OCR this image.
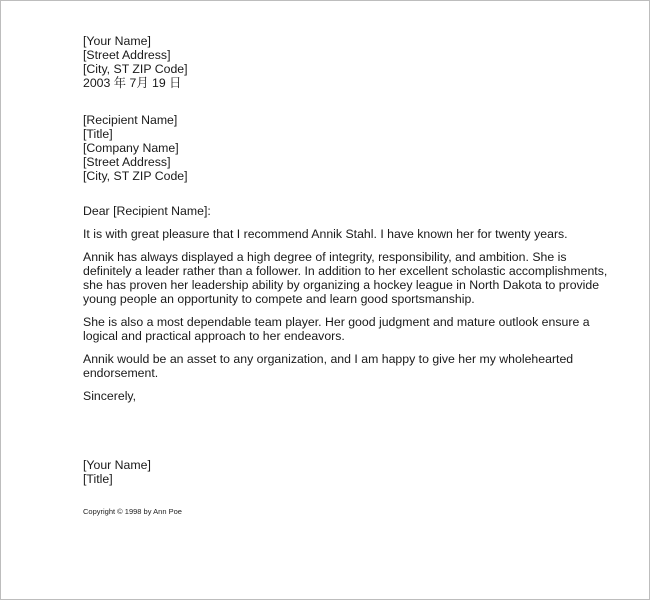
[Your Name]
[Street Address]
[City, ST ZIP Code]
2003 年 7月 19 日
[Recipient Name]
[Title]
[Company Name]
[Street Address]
[City, ST ZIP Code]
Dear [Recipient Name]:

It is with great pleasure that I recommend Annik Stahl. I have known her for twenty years.

Annik has always displayed a high degree of integrity, responsibility, and ambition. She is definitely a leader rather than a follower. In addition to her excellent scholastic accomplishments, she has proven her leadership ability by organizing a hockey league in North Dakota to provide young people an opportunity to compete and learn good sportsmanship.

She is also a most dependable team player. Her good judgment and mature outlook ensure a logical and practical approach to her endeavors.

Annik would be an asset to any organization, and I am happy to give her my wholehearted endorsement.

Sincerely,
[Your Name]
[Title]
Copyright © 1998 by Ann Poe
